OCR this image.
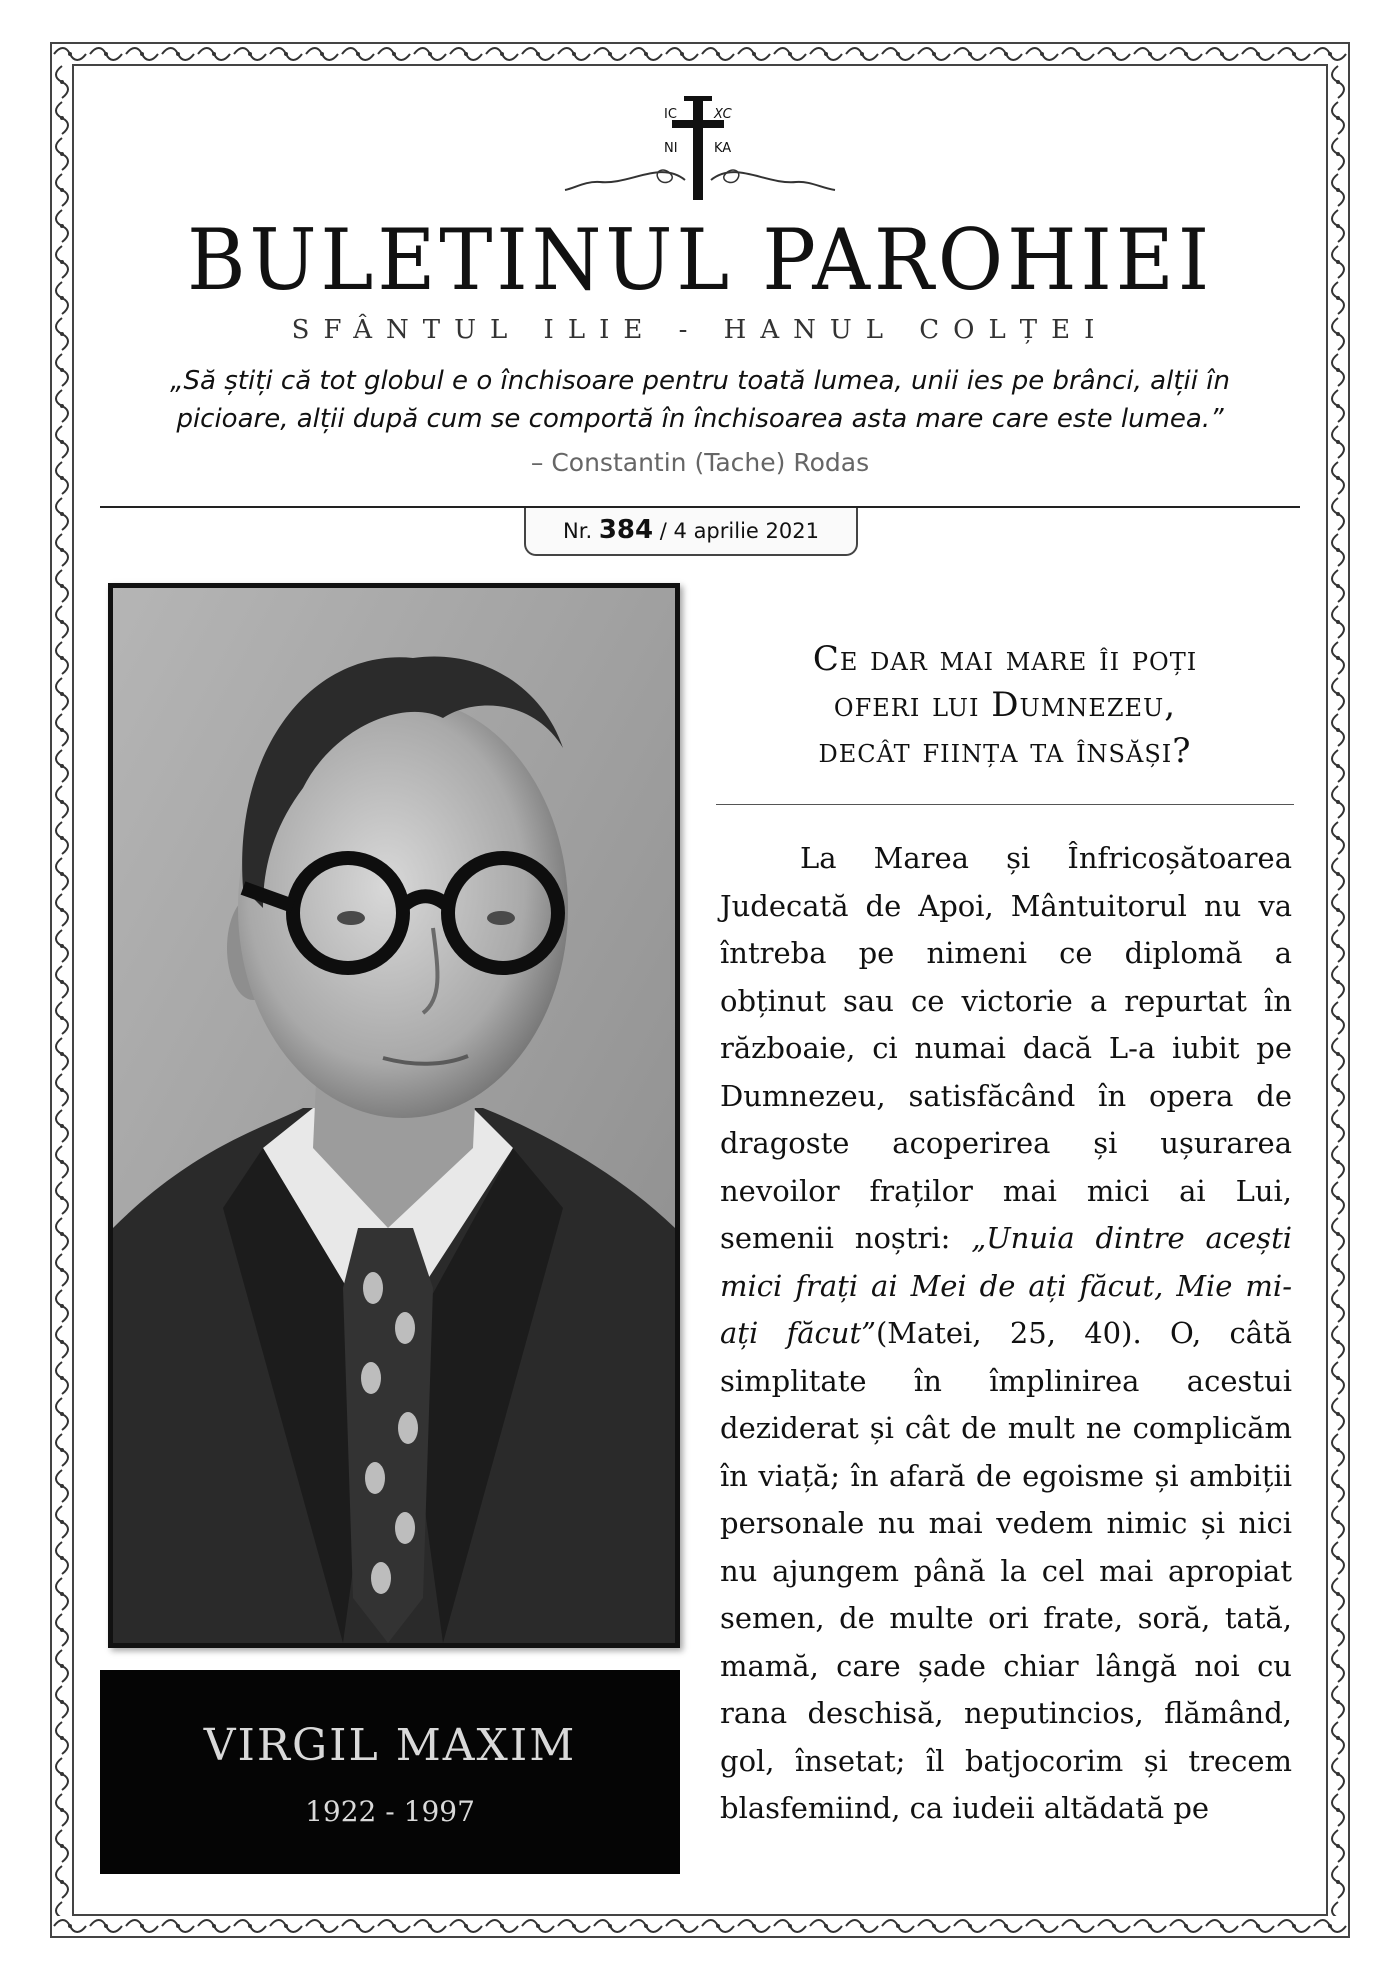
IC	XC
NI	KA
BULETINUL PAROHIEI
SFÂNTUL ILIE - HANUL COLȚEI
„Să știți că tot globul e o închisoare pentru toată lumea, unii ies pe brânci, alții în
picioare, alții după cum se comportă în închisoarea asta mare care este lumea.”
– Constantin (Tache) Rodas
Nr. 384 / 4 aprilie 2021
VIRGIL MAXIM
1922 - 1997
Ce dar mai mare îi poți
oferi lui Dumnezeu,
decât ființa ta însăși?

La Marea și Înfricoșătoarea Judecată de Apoi, Mântuitorul nu va întreba pe nimeni ce diplomă a obținut sau ce victorie a repurtat în războaie, ci numai dacă L-a iubit pe Dumnezeu, satisfăcând în opera de dragoste acoperirea și ușurarea nevoilor fraților mai mici ai Lui, semenii noștri: „Unuia dintre acești mici frați ai Mei de ați făcut, Mie mi-ați făcut”(Matei, 25, 40). O, câtă simplitate în împlinirea acestui deziderat și cât de mult ne complicăm în viață; în afară de egoisme și ambiții personale nu mai vedem nimic și nici nu ajungem până la cel mai apropiat semen, de multe ori frate, soră, tată, mamă, care șade chiar lângă noi cu rana deschisă, neputincios, flămând, gol, însetat; îl batjocorim și trecem blasfemiind, ca iudeii altădată pe
